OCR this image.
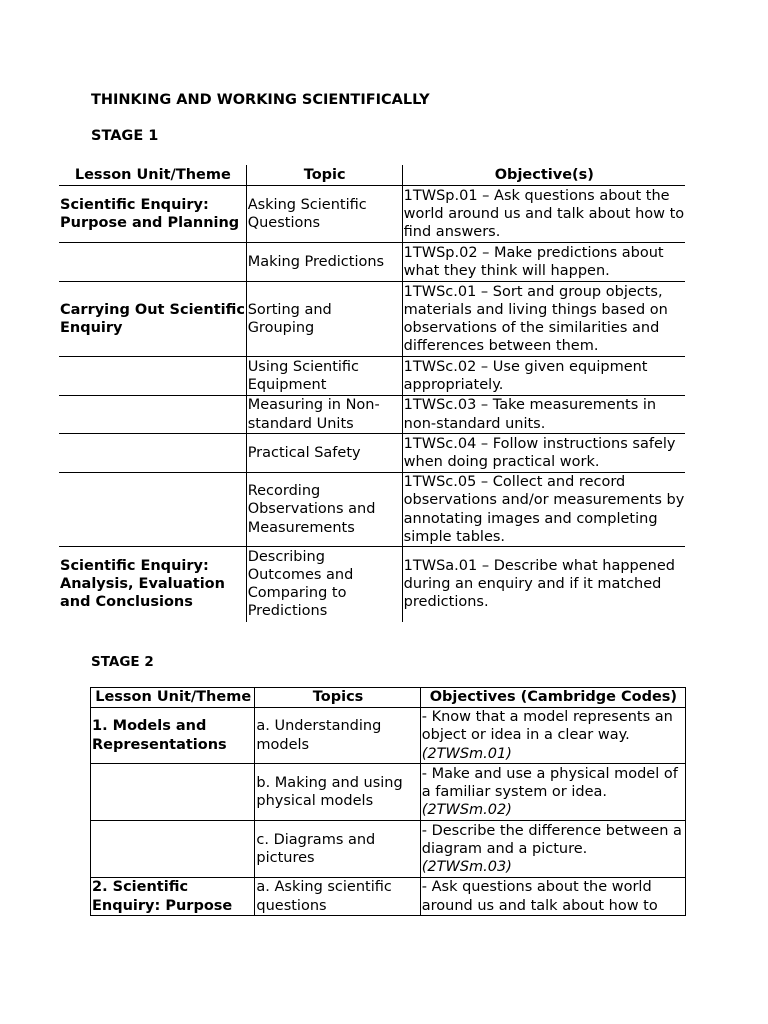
THINKING AND WORKING SCIENTIFICALLY

STAGE 1

Lesson Unit/Theme	Topic	Objective(s)
Scientific Enquiry: Purpose and Planning	Asking Scientific Questions	1TWSp.01 – Ask questions about the world around us and talk about how to find answers.
	Making Predictions	1TWSp.02 – Make predictions about what they think will happen.
Carrying Out Scientific Enquiry	Sorting and Grouping	1TWSc.01 – Sort and group objects, materials and living things based on observations of the similarities and differences between them.
	Using Scientific Equipment	1TWSc.02 – Use given equipment appropriately.
	Measuring in Non-standard Units	1TWSc.03 – Take measurements in non-standard units.
	Practical Safety	1TWSc.04 – Follow instructions safely when doing practical work.
	Recording Observations and Measurements	1TWSc.05 – Collect and record observations and/or measurements by annotating images and completing simple tables.
Scientific Enquiry: Analysis, Evaluation and Conclusions	Describing Outcomes and Comparing to Predictions	1TWSa.01 – Describe what happened during an enquiry and if it matched predictions.

STAGE 2

Lesson Unit/Theme	Topics	Objectives (Cambridge Codes)
1. Models and Representations	a. Understanding models	- Know that a model represents an object or idea in a clear way.
(2TWSm.01)
	b. Making and using physical models	- Make and use a physical model of a familiar system or idea.
(2TWSm.02)
	c. Diagrams and pictures	- Describe the difference between a diagram and a picture.
(2TWSm.03)
2. Scientific Enquiry: Purpose	a. Asking scientific questions	- Ask questions about the world around us and talk about how to
